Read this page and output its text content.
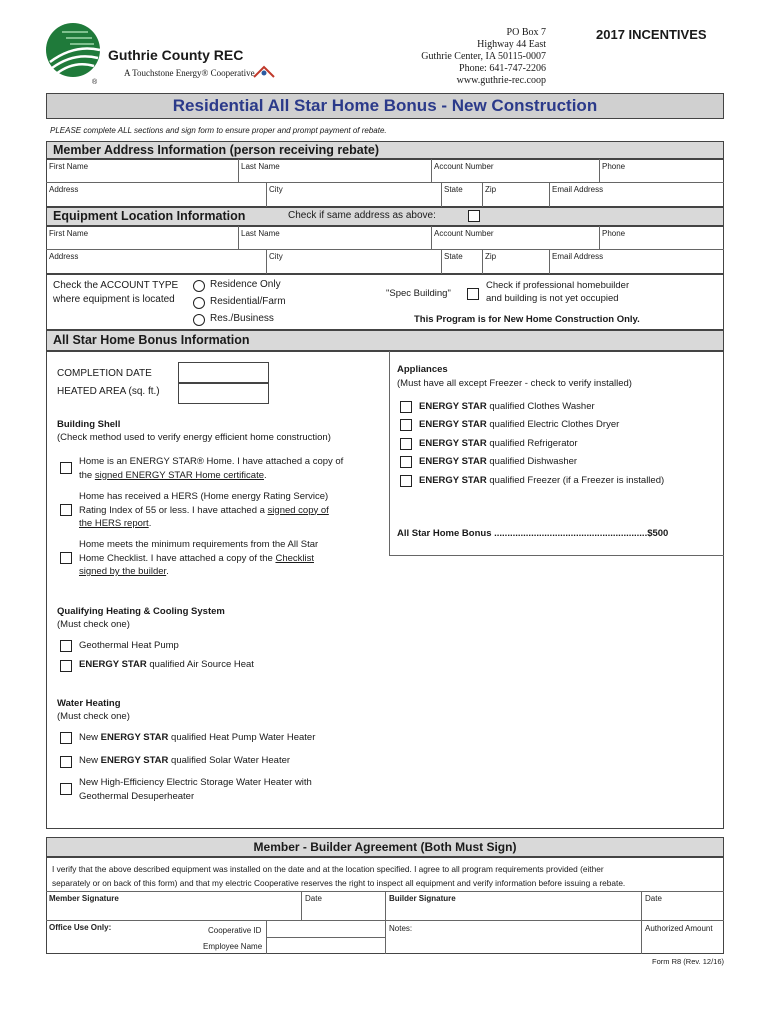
Guthrie County REC
A Touchstone Energy® Cooperative
®
PO Box 7
Highway 44 East
Guthrie Center, IA 50115-0007
Phone: 641-747-2206
www.guthrie-rec.coop
2017 INCENTIVES
Residential All Star Home Bonus - New Construction
PLEASE complete ALL sections and sign form to ensure proper and prompt payment of rebate.
Member Address Information (person receiving rebate)
First Name	Last Name	Account Number	Phone
Address	City	State	Zip	Email Address
Equipment Location Information	Check if same address as above:
First Name	Last Name	Account Number	Phone
Address	City	State	Zip	Email Address
Check the ACCOUNT TYPE
where equipment is located
Residence Only
Residential/Farm
Res./Business
"Spec Building"
Check if professional homebuilder
and building is not yet occupied
This Program is for New Home Construction Only.
All Star Home Bonus Information
COMPLETION DATE
HEATED AREA (sq. ft.)
Building Shell
(Check method used to verify energy efficient home construction)
Home is an ENERGY STAR® Home. I have attached a copy of
the signed ENERGY STAR Home certificate.
Home has received a HERS (Home energy Rating Service)
Rating Index of 55 or less. I have attached a signed copy of
the HERS report.
Home meets the minimum requirements from the All Star
Home Checklist. I have attached a copy of the Checklist
signed by the builder.
Qualifying Heating & Cooling System
(Must check one)
Geothermal Heat Pump
ENERGY STAR qualified Air Source Heat
Water Heating
(Must check one)
New ENERGY STAR qualified Heat Pump Water Heater
New ENERGY STAR qualified Solar Water Heater
New High-Efficiency Electric Storage Water Heater with
Geothermal Desuperheater
Appliances
(Must have all except Freezer - check to verify installed)
ENERGY STAR qualified Clothes Washer
ENERGY STAR qualified Electric Clothes Dryer
ENERGY STAR qualified Refrigerator
ENERGY STAR qualified Dishwasher
ENERGY STAR qualified Freezer (if a Freezer is installed)
All Star Home Bonus ..........................................................$500
Member - Builder Agreement (Both Must Sign)
I verify that the above described equipment was installed on the date and at the location specified. I agree to all program requirements provided (either
separately or on back of this form) and that my electric Cooperative reserves the right to inspect all equipment and verify information before issuing a rebate.
Member Signature	Date	Builder Signature	Date
Office Use Only:	Cooperative ID
Employee Name
Notes:	Authorized Amount
Form R8 (Rev. 12/16)
